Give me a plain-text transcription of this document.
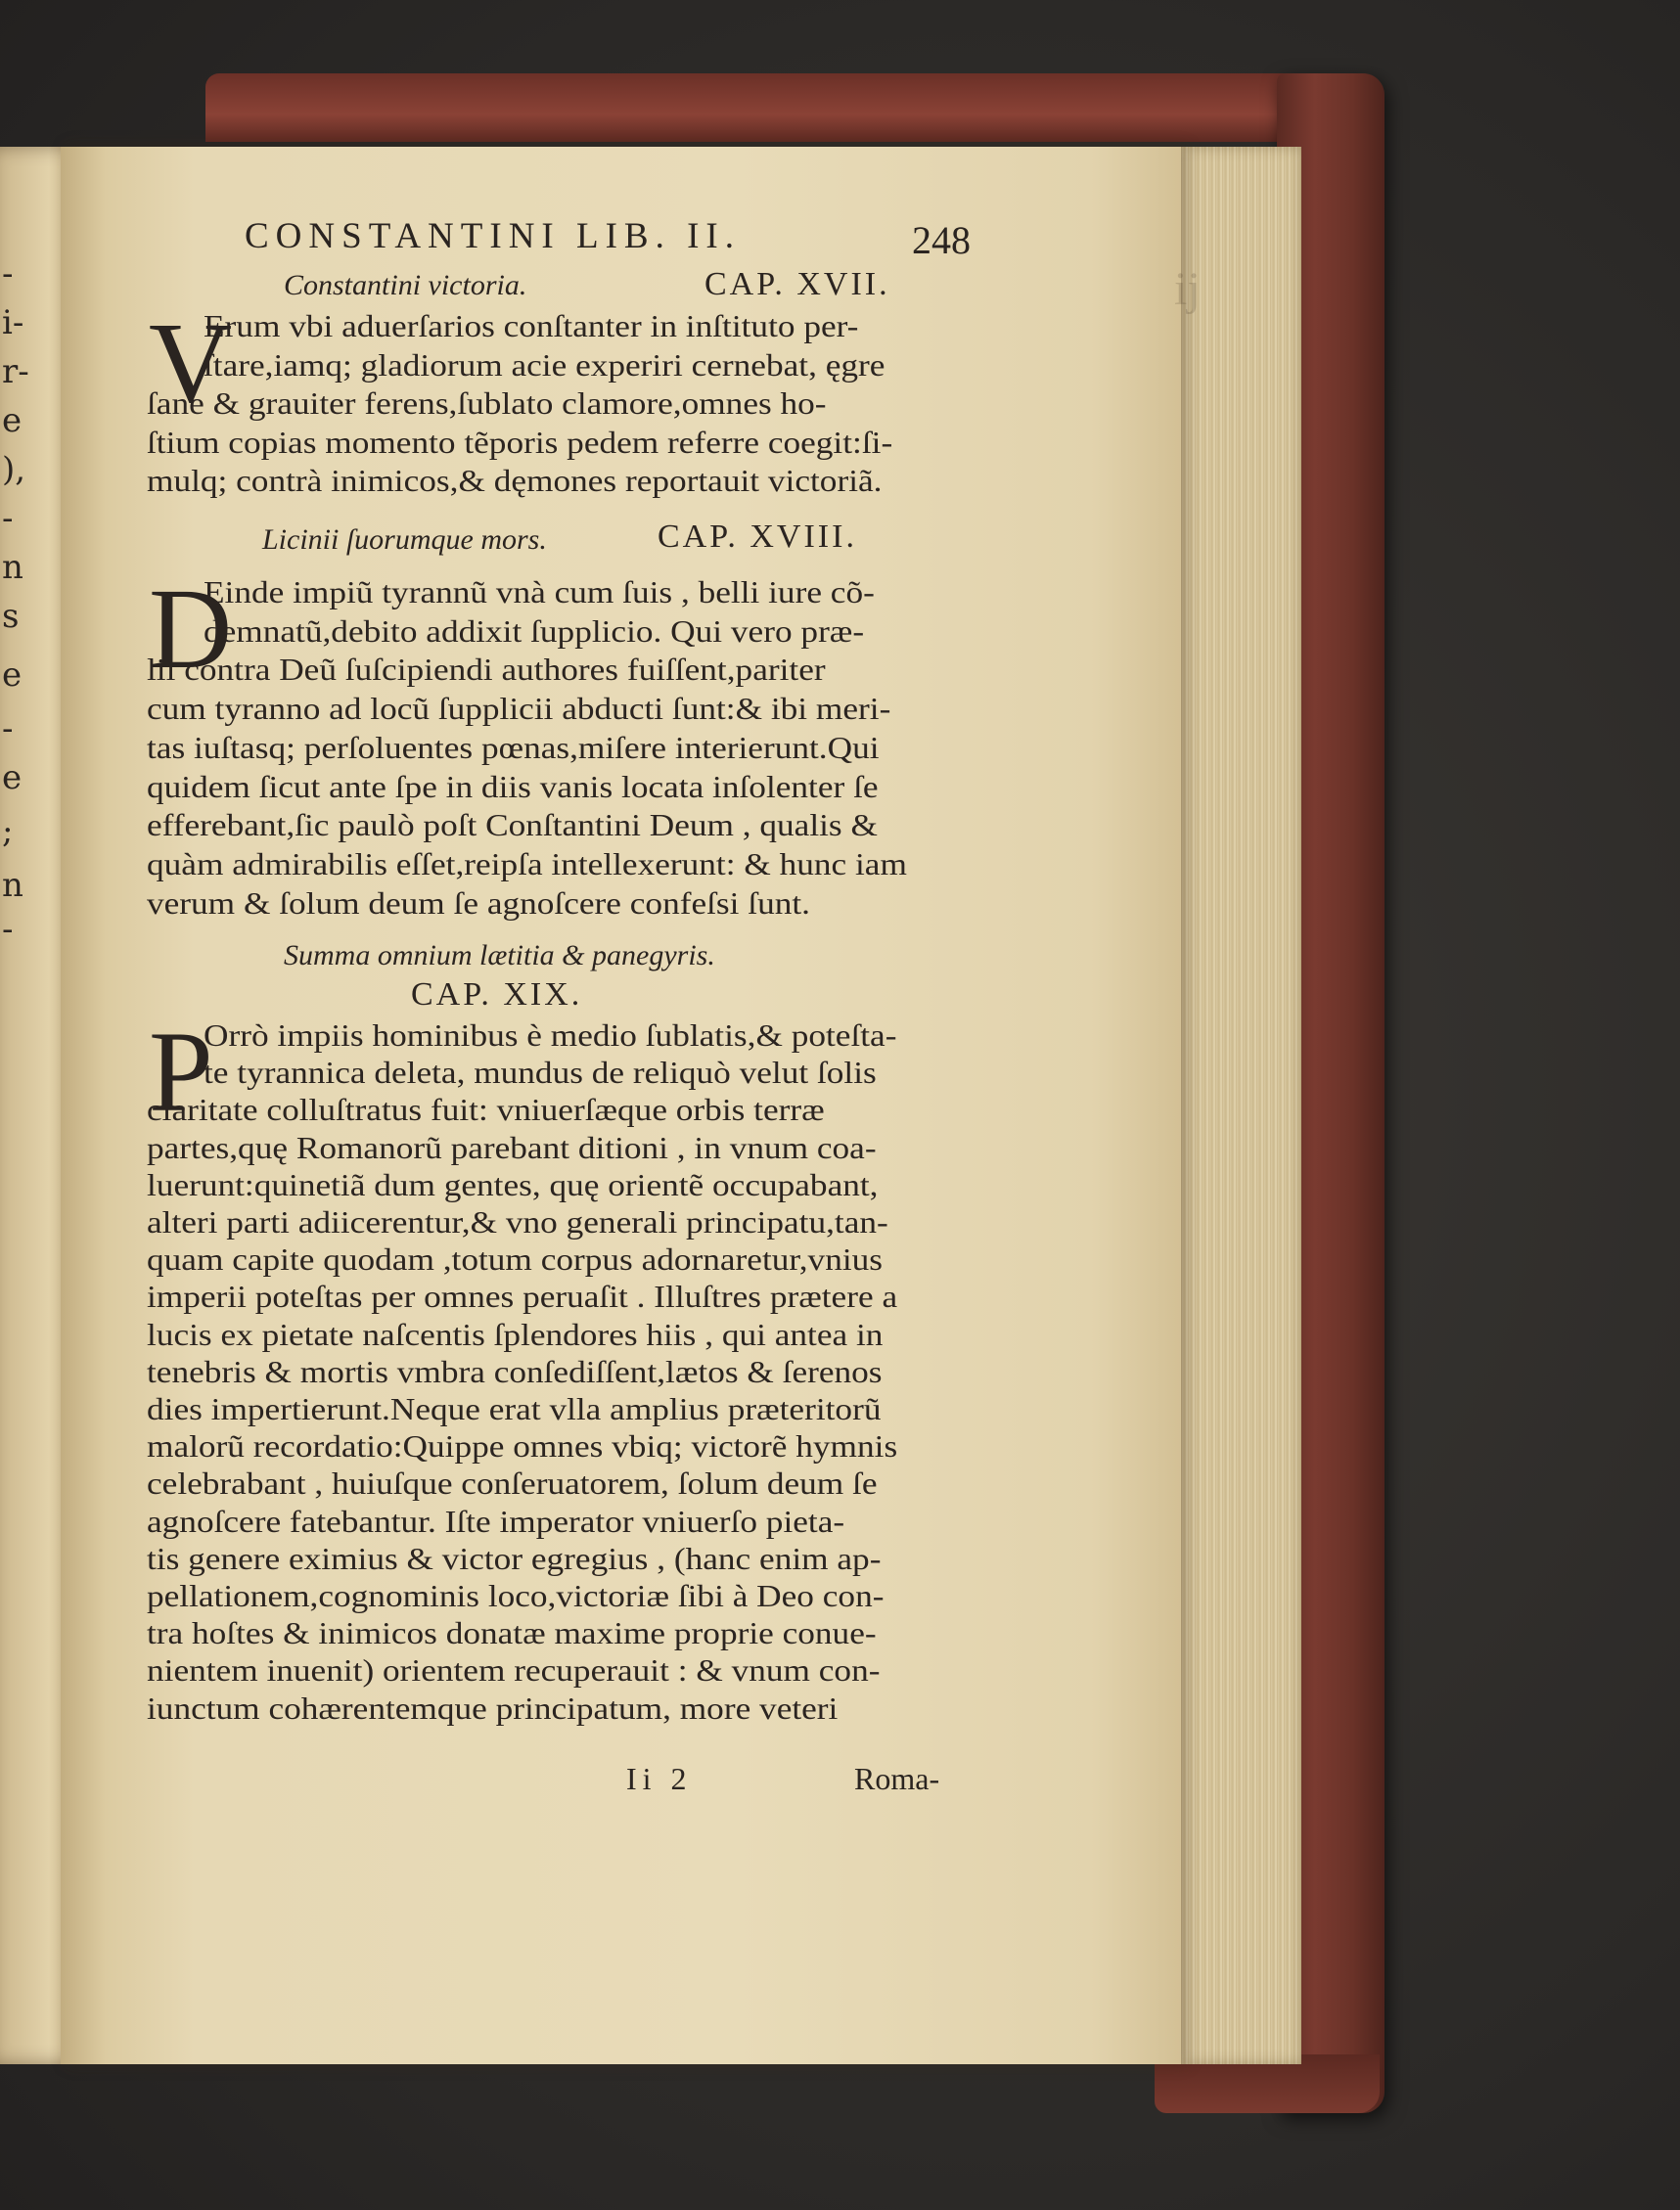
-
i-
r-
e
),
-
n
s
e
-
e
;
n
-
ij
CONSTANTINI LIB. II.	248
Constantini victoria.	CAP. XVII.
V
Erum vbi aduerſarios conſtanter in inſtituto per-
ſtare,iamq; gladiorum acie experiri cernebat, ęgre
ſane & grauiter ferens,ſublato clamore,omnes ho-
ſtium copias momento tẽporis pedem referre coegit:ſi-
mulq; contrà inimicos,& dęmones reportauit victoriã.
Licinii ſuorumque mors.	CAP. XVIII.
D
Einde impiũ tyrannũ vnà cum ſuis , belli iure cõ-
demnatũ,debito addixit ſupplicio. Qui vero præ-
lii contra Deũ ſuſcipiendi authores fuiſſent,pariter
cum tyranno ad locũ ſupplicii abducti ſunt:& ibi meri-
tas iuſtasq; perſoluentes pœnas,miſere interierunt.Qui
quidem ſicut ante ſpe in diis vanis locata inſolenter ſe
efferebant,ſic paulò poſt Conſtantini Deum , qualis &
quàm admirabilis eſſet,reipſa intellexerunt: & hunc iam
verum & ſolum deum ſe agnoſcere confeſsi ſunt.
Summa omnium lætitia & panegyris.
CAP. XIX.
P
Orrò impiis hominibus è medio ſublatis,& poteſta-
te tyrannica deleta, mundus de reliquò velut ſolis
claritate colluſtratus fuit: vniuerſæque orbis terræ
partes,quę Romanorũ parebant ditioni , in vnum coa-
luerunt:quinetiã dum gentes, quę orientẽ occupabant,
alteri parti adiicerentur,& vno generali principatu,tan-
quam capite quodam ,totum corpus adornaretur,vnius
imperii poteſtas per omnes peruaſit . Illuſtres prætere a
lucis ex pietate naſcentis ſplendores hiis , qui antea in
tenebris & mortis vmbra conſediſſent,lætos & ſerenos
dies impertierunt.Neque erat vlla amplius præteritorũ
malorũ recordatio:Quippe omnes vbiq; victorẽ hymnis
celebrabant , huiuſque conſeruatorem, ſolum deum ſe
agnoſcere fatebantur. Iſte imperator vniuerſo pieta-
tis genere eximius & victor egregius , (hanc enim ap-
pellationem,cognominis loco,victoriæ ſibi à Deo con-
tra hoſtes & inimicos donatæ maxime proprie conue-
nientem inuenit) orientem recuperauit : & vnum con-
iunctum cohærentemque principatum, more veteri
Ii 2	Roma-
